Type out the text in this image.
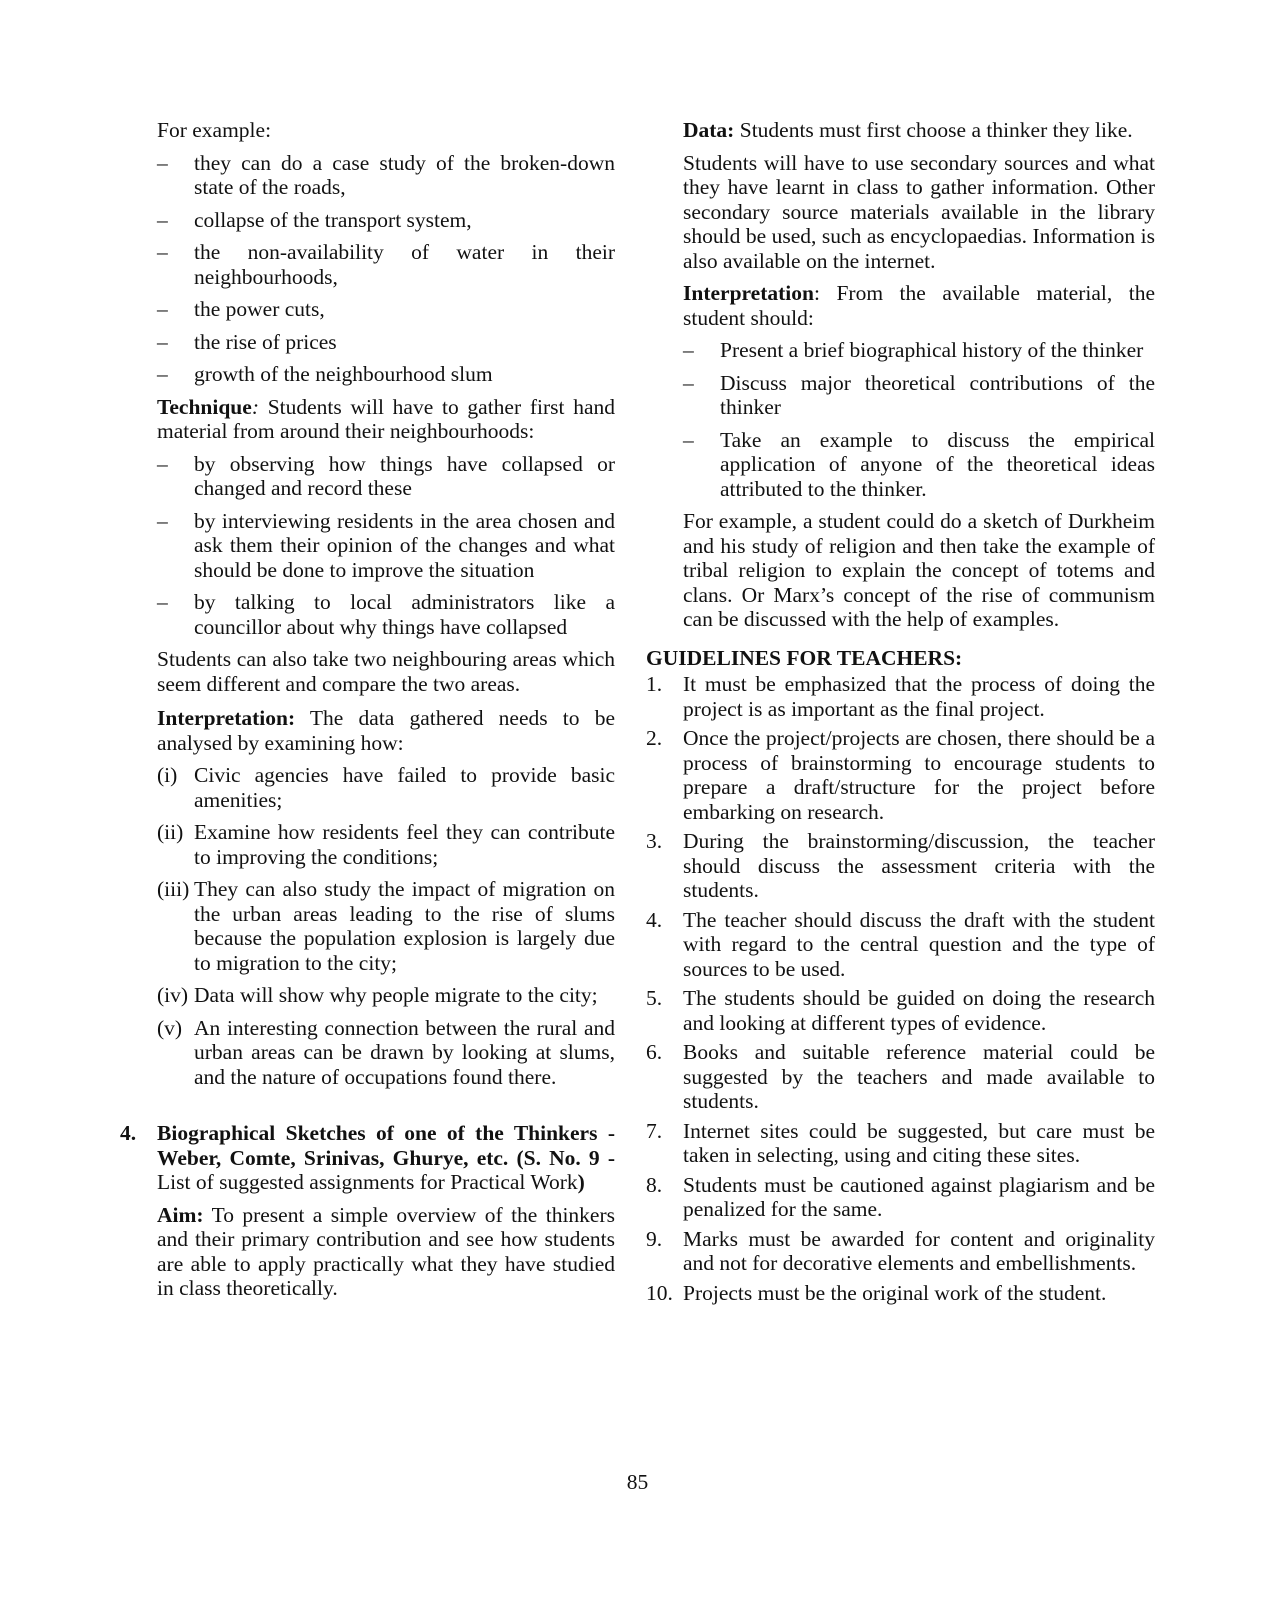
For example:

– they can do a case study of the broken-down state of the roads,
– collapse of the transport system,
– the non-availability of water in their neighbourhoods,
– the power cuts,
– the rise of prices
– growth of the neighbourhood slum

Technique: Students will have to gather first hand material from around their neighbourhoods:

– by observing how things have collapsed or changed and record these
– by interviewing residents in the area chosen and ask them their opinion of the changes and what should be done to improve the situation
– by talking to local administrators like a councillor about why things have collapsed

Students can also take two neighbouring areas which seem different and compare the two areas.

Interpretation: The data gathered needs to be analysed by examining how:

(i) Civic agencies have failed to provide basic amenities;
(ii) Examine how residents feel they can contribute to improving the conditions;
(iii) They can also study the impact of migration on the urban areas leading to the rise of slums because the population explosion is largely due to migration to the city;
(iv) Data will show why people migrate to the city;
(v) An interesting connection between the rural and urban areas can be drawn by looking at slums, and the nature of occupations found there.
4. Biographical Sketches of one of the Thinkers - Weber, Comte, Srinivas, Ghurye, etc. (S. No. 9 - List of suggested assignments for Practical Work)

Aim: To present a simple overview of the thinkers and their primary contribution and see how students are able to apply practically what they have studied in class theoretically.

Data: Students must first choose a thinker they like.

Students will have to use secondary sources and what they have learnt in class to gather information. Other secondary source materials available in the library should be used, such as encyclopaedias. Information is also available on the internet.

Interpretation: From the available material, the student should:

– Present a brief biographical history of the thinker
– Discuss major theoretical contributions of the thinker
– Take an example to discuss the empirical application of anyone of the theoretical ideas attributed to the thinker.

For example, a student could do a sketch of Durkheim and his study of religion and then take the example of tribal religion to explain the concept of totems and clans. Or Marx’s concept of the rise of communism can be discussed with the help of examples.

GUIDELINES FOR TEACHERS:

1. It must be emphasized that the process of doing the project is as important as the final project.
2. Once the project/projects are chosen, there should be a process of brainstorming to encourage students to prepare a draft/structure for the project before embarking on research.
3. During the brainstorming/discussion, the teacher should discuss the assessment criteria with the students.
4. The teacher should discuss the draft with the student with regard to the central question and the type of sources to be used.
5. The students should be guided on doing the research and looking at different types of evidence.
6. Books and suitable reference material could be suggested by the teachers and made available to students.
7. Internet sites could be suggested, but care must be taken in selecting, using and citing these sites.
8. Students must be cautioned against plagiarism and be penalized for the same.
9. Marks must be awarded for content and originality and not for decorative elements and embellishments.
10. Projects must be the original work of the student.
85
